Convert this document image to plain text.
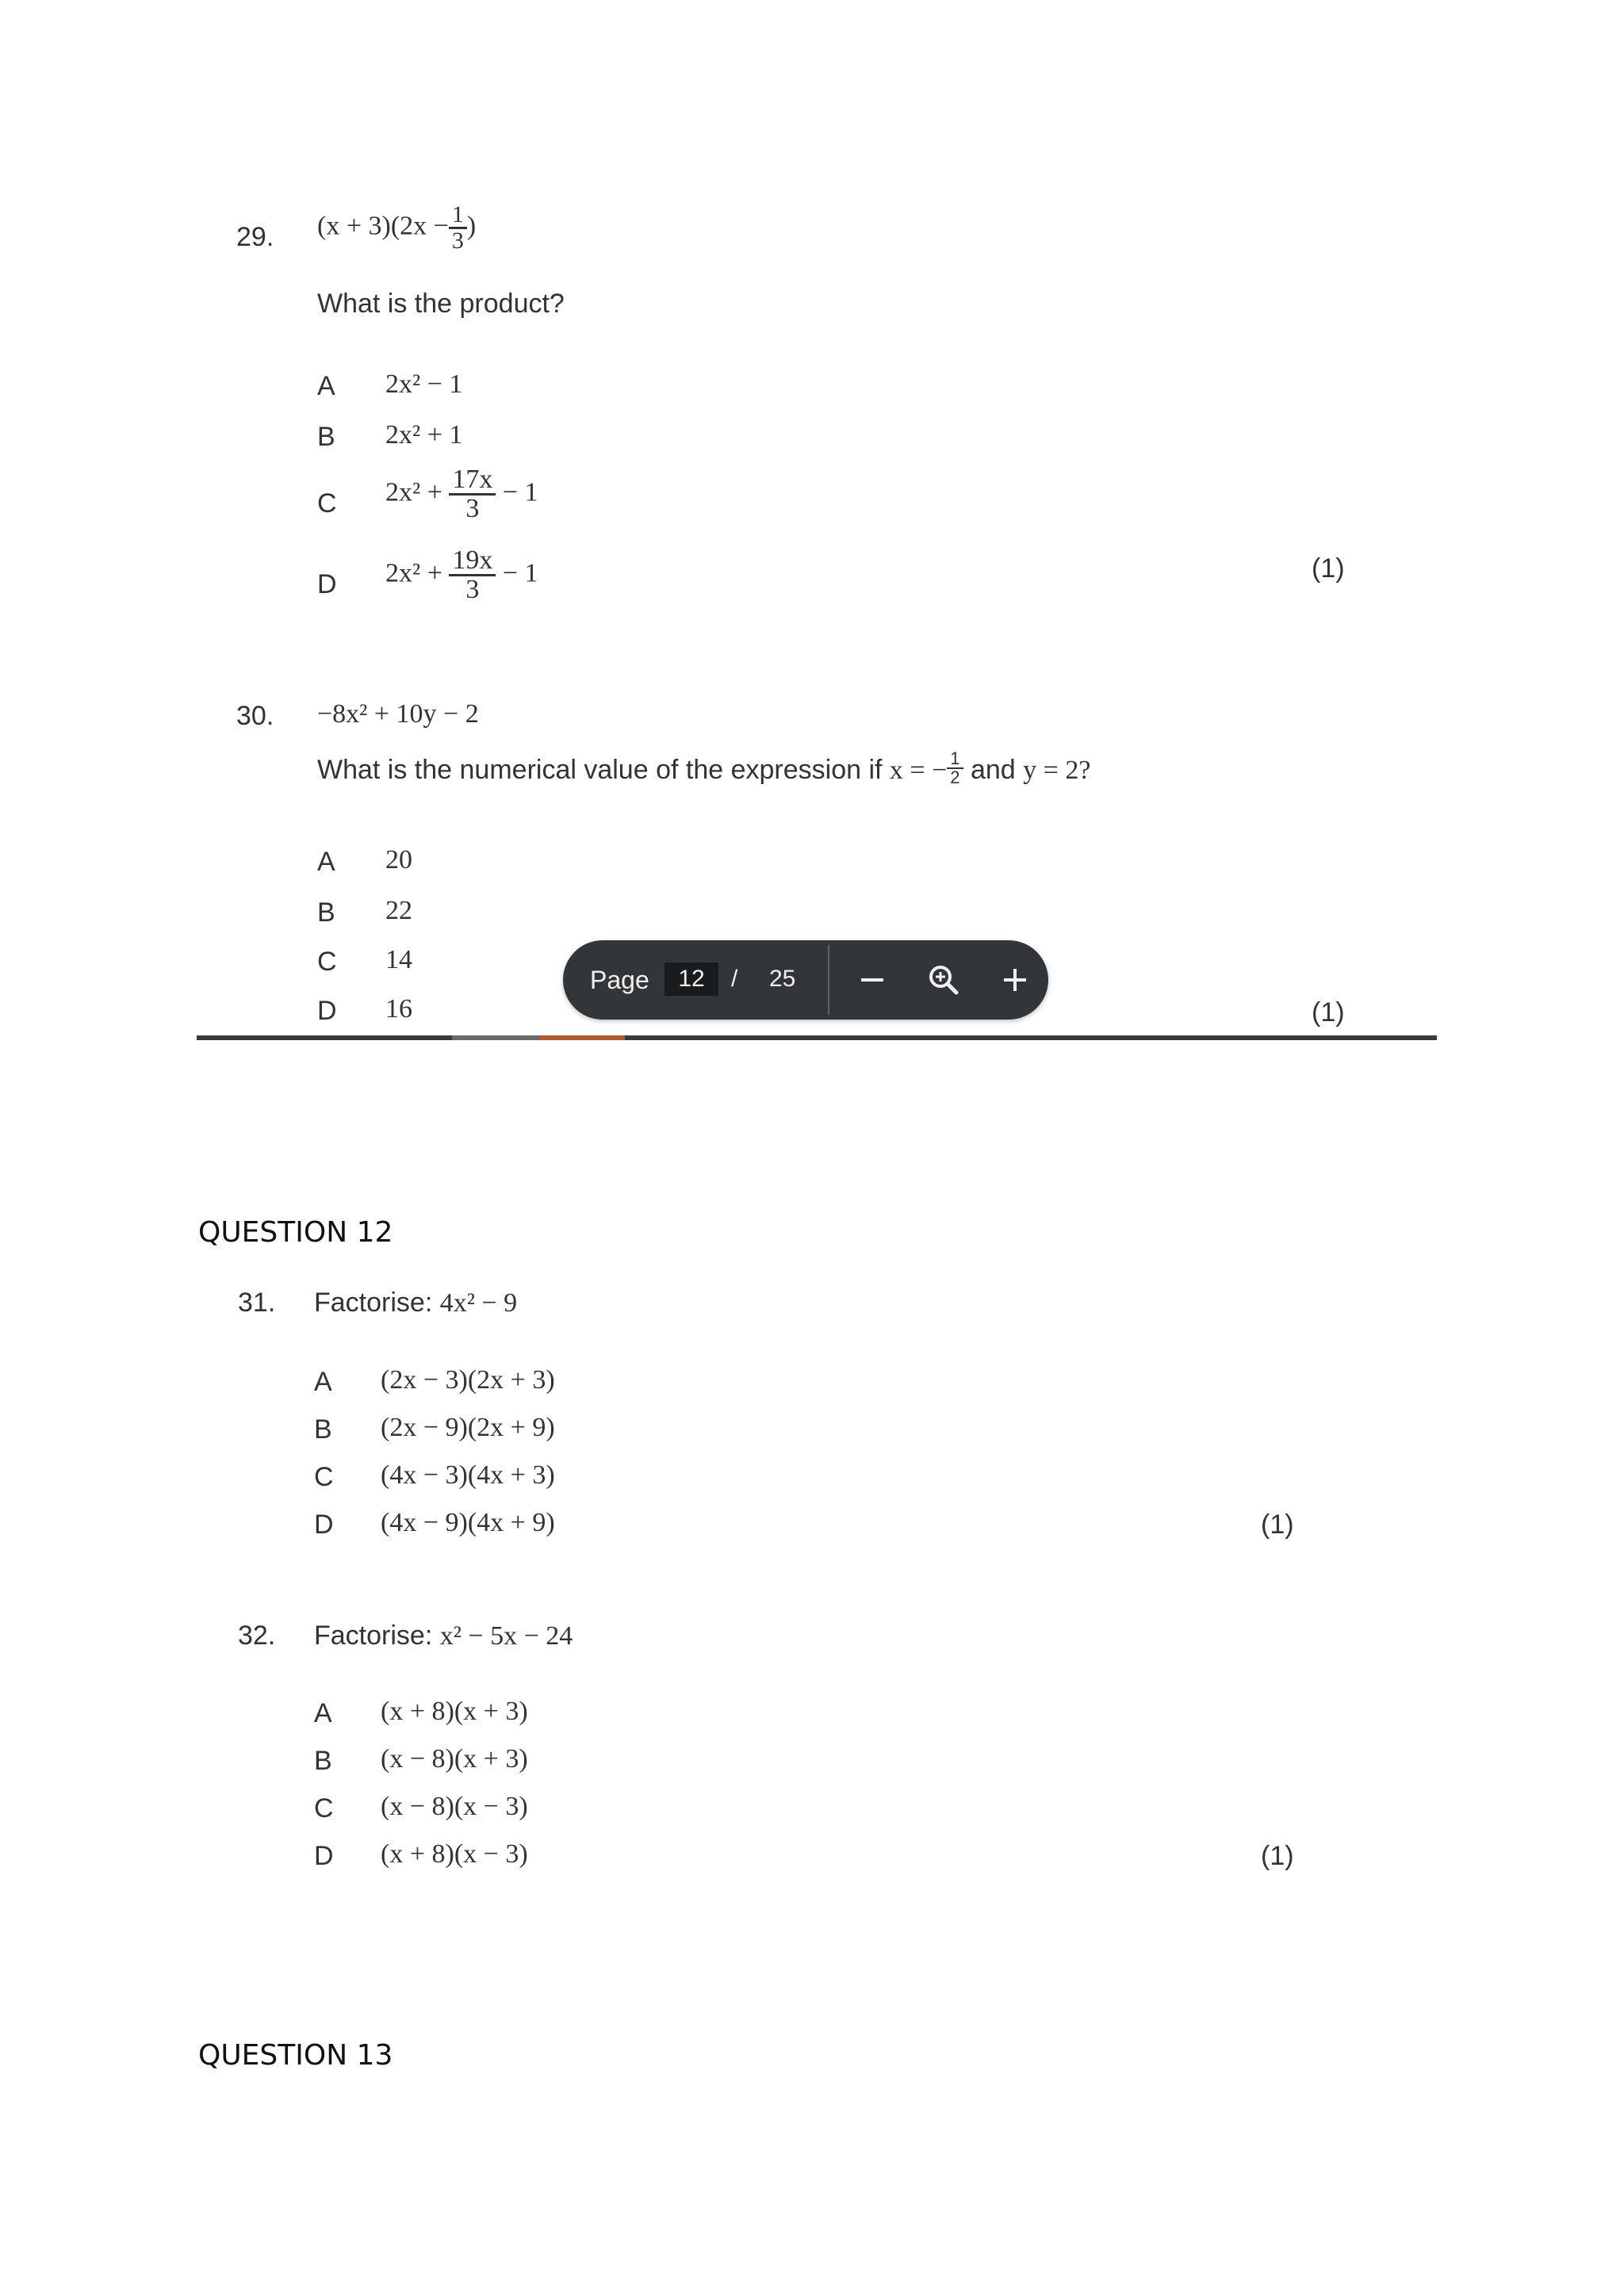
29. $(x + 3)(2x - \frac{1}{3}$ )
What is the product?
A 2x² − 1
B 2x² + 1
C $2x^2 + \frac{17x}{3} - 1$
D $2x^2 + \frac{19x}{3} - 1$	(1)
30. −8x² + 10y − 2
What is the numerical value of the expression if x = − $\frac{1}{2}$ and y = 2?
A 20
B 22
C 14
D 16	(1)
Page
12	/ 25
QUESTION 12
31. Factorise: 4x² − 9
A (2x − 3)(2x + 3)
B (2x − 9)(2x + 9)
C (4x − 3)(4x + 3)
D (4x − 9)(4x + 9)	(1)
32. Factorise: x² − 5x − 24
A (x + 8)(x + 3)
B (x − 8)(x + 3)
C (x − 8)(x − 3)
D (x + 8)(x − 3)	(1)
QUESTION 13
